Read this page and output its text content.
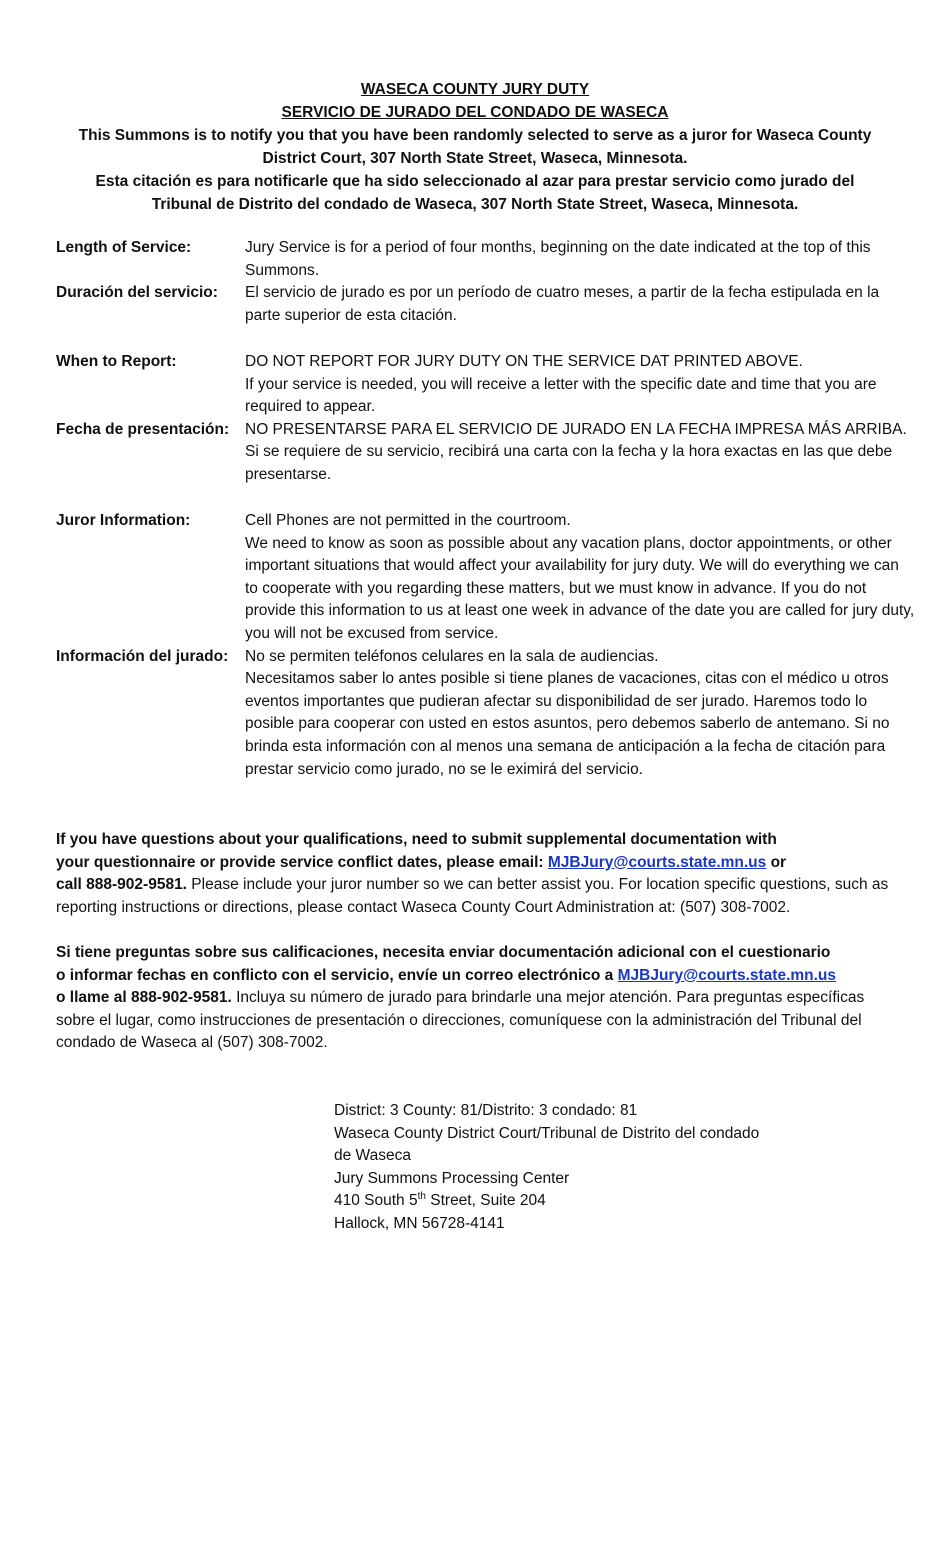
WASECA COUNTY JURY DUTY
SERVICIO DE JURADO DEL CONDADO DE WASECA
This Summons is to notify you that you have been randomly selected to serve as a juror for Waseca County
District Court, 307 North State Street, Waseca, Minnesota.
Esta citación es para notificarle que ha sido seleccionado al azar para prestar servicio como jurado del
Tribunal de Distrito del condado de Waseca, 307 North State Street, Waseca, Minnesota.
Length of Service:	Jury Service is for a period of four months, beginning on the date indicated at the top of this Summons.
Duración del servicio:	El servicio de jurado es por un período de cuatro meses, a partir de la fecha estipulada en la parte superior de esta citación.
When to Report:	DO NOT REPORT FOR JURY DUTY ON THE SERVICE DAT PRINTED ABOVE.
If your service is needed, you will receive a letter with the specific date and time that you are required to appear.
Fecha de presentación:	NO PRESENTARSE PARA EL SERVICIO DE JURADO EN LA FECHA IMPRESA MÁS ARRIBA.
Si se requiere de su servicio, recibirá una carta con la fecha y la hora exactas en las que debe presentarse.
Juror Information:	Cell Phones are not permitted in the courtroom.
We need to know as soon as possible about any vacation plans, doctor appointments, or other important situations that would affect your availability for jury duty. We will do everything we can to cooperate with you regarding these matters, but we must know in advance. If you do not provide this information to us at least one week in advance of the date you are called for jury duty, you will not be excused from service.
Información del jurado:	No se permiten teléfonos celulares en la sala de audiencias.
Necesitamos saber lo antes posible si tiene planes de vacaciones, citas con el médico u otros eventos importantes que pudieran afectar su disponibilidad de ser jurado. Haremos todo lo posible para cooperar con usted en estos asuntos, pero debemos saberlo de antemano. Si no brinda esta información con al menos una semana de anticipación a la fecha de citación para prestar servicio como jurado, no se le eximirá del servicio.
If you have questions about your qualifications, need to submit supplemental documentation with
your questionnaire or provide service conflict dates, please email: MJBJury@courts.state.mn.us or
call 888-902-9581. Please include your juror number so we can better assist you. For location specific questions, such as reporting instructions or directions, please contact Waseca County Court Administration at: (507) 308-7002.
Si tiene preguntas sobre sus calificaciones, necesita enviar documentación adicional con el cuestionario
o informar fechas en conflicto con el servicio, envíe un correo electrónico a MJBJury@courts.state.mn.us
o llame al 888-902-9581. Incluya su número de jurado para brindarle una mejor atención. Para preguntas específicas sobre el lugar, como instrucciones de presentación o direcciones, comuníquese con la administración del Tribunal del condado de Waseca al (507) 308-7002.
District: 3 County: 81/Distrito: 3 condado: 81
Waseca County District Court/Tribunal de Distrito del condado
de Waseca
Jury Summons Processing Center
410 South 5th Street, Suite 204
Hallock, MN 56728-4141
